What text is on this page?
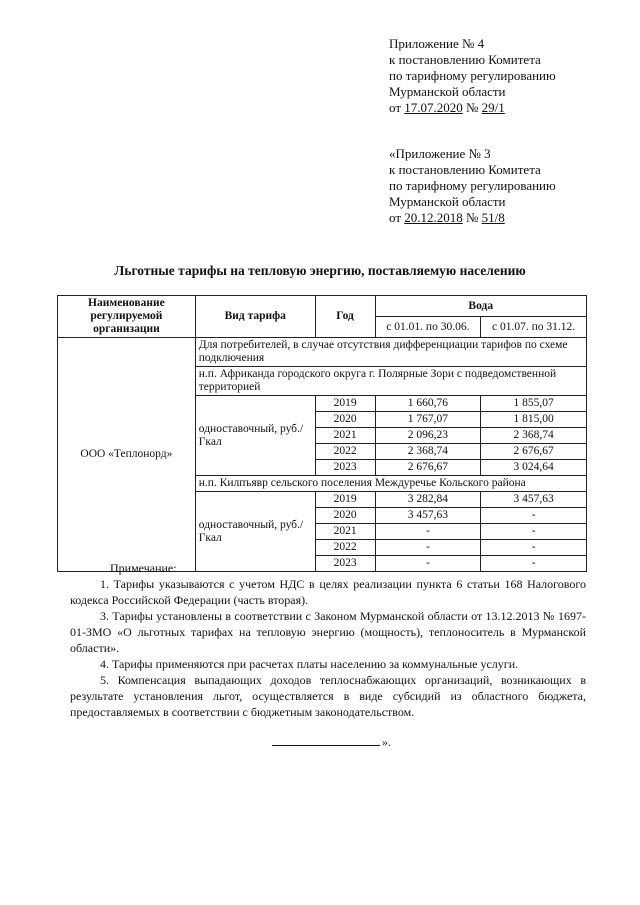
Приложение № 4
к постановлению Комитета
по тарифному регулированию
Мурманской области
от 17.07.2020 № 29/1
«Приложение № 3
к постановлению Комитета
по тарифному регулированию
Мурманской области
от 20.12.2018 № 51/8
Льготные тарифы на тепловую энергию, поставляемую населению
Наименование регулируемой организации	Вид тарифа	Год	Вода	
			с 01.01. по 30.06.	с 01.07. по 31.12.
ООО «Теплонорд»	Для потребителей, в случае отсутствия дифференциации тарифов по схеме подключения			
	н.п. Африканда городского округа г. Полярные Зори с подведомственной территорией			
	одноставочный, руб./Гкал	2019	1 660,76	1 855,07
		2020	1 767,07	1 815,00
		2021	2 096,23	2 368,74
		2022	2 368,74	2 676,67
		2023	2 676,67	3 024,64
	н.п. Килпъявр сельского поселения Междуречье Кольского района			
	одноставочный, руб./Гкал	2019	3 282,84	3 457,63
		2020	3 457,63	-
		2021	-	-
		2022	-	-
		2023	-	-

Примечание:

1. Тарифы указываются с учетом НДС в целях реализации пункта 6 статьи 168 Налогового кодекса Российской Федерации (часть вторая).

3. Тарифы установлены в соответствии с Законом Мурманской области от 13.12.2013 № 1697-01-ЗМО «О льготных тарифах на тепловую энергию (мощность), теплоноситель в Мурманской области».

4. Тарифы применяются при расчетах платы населению за коммунальные услуги.

5. Компенсация выпадающих доходов теплоснабжающих организаций, возникающих в результате установления льгот, осуществляется в виде субсидий из областного бюджета, предоставляемых в соответствии с бюджетным законодательством.

».
